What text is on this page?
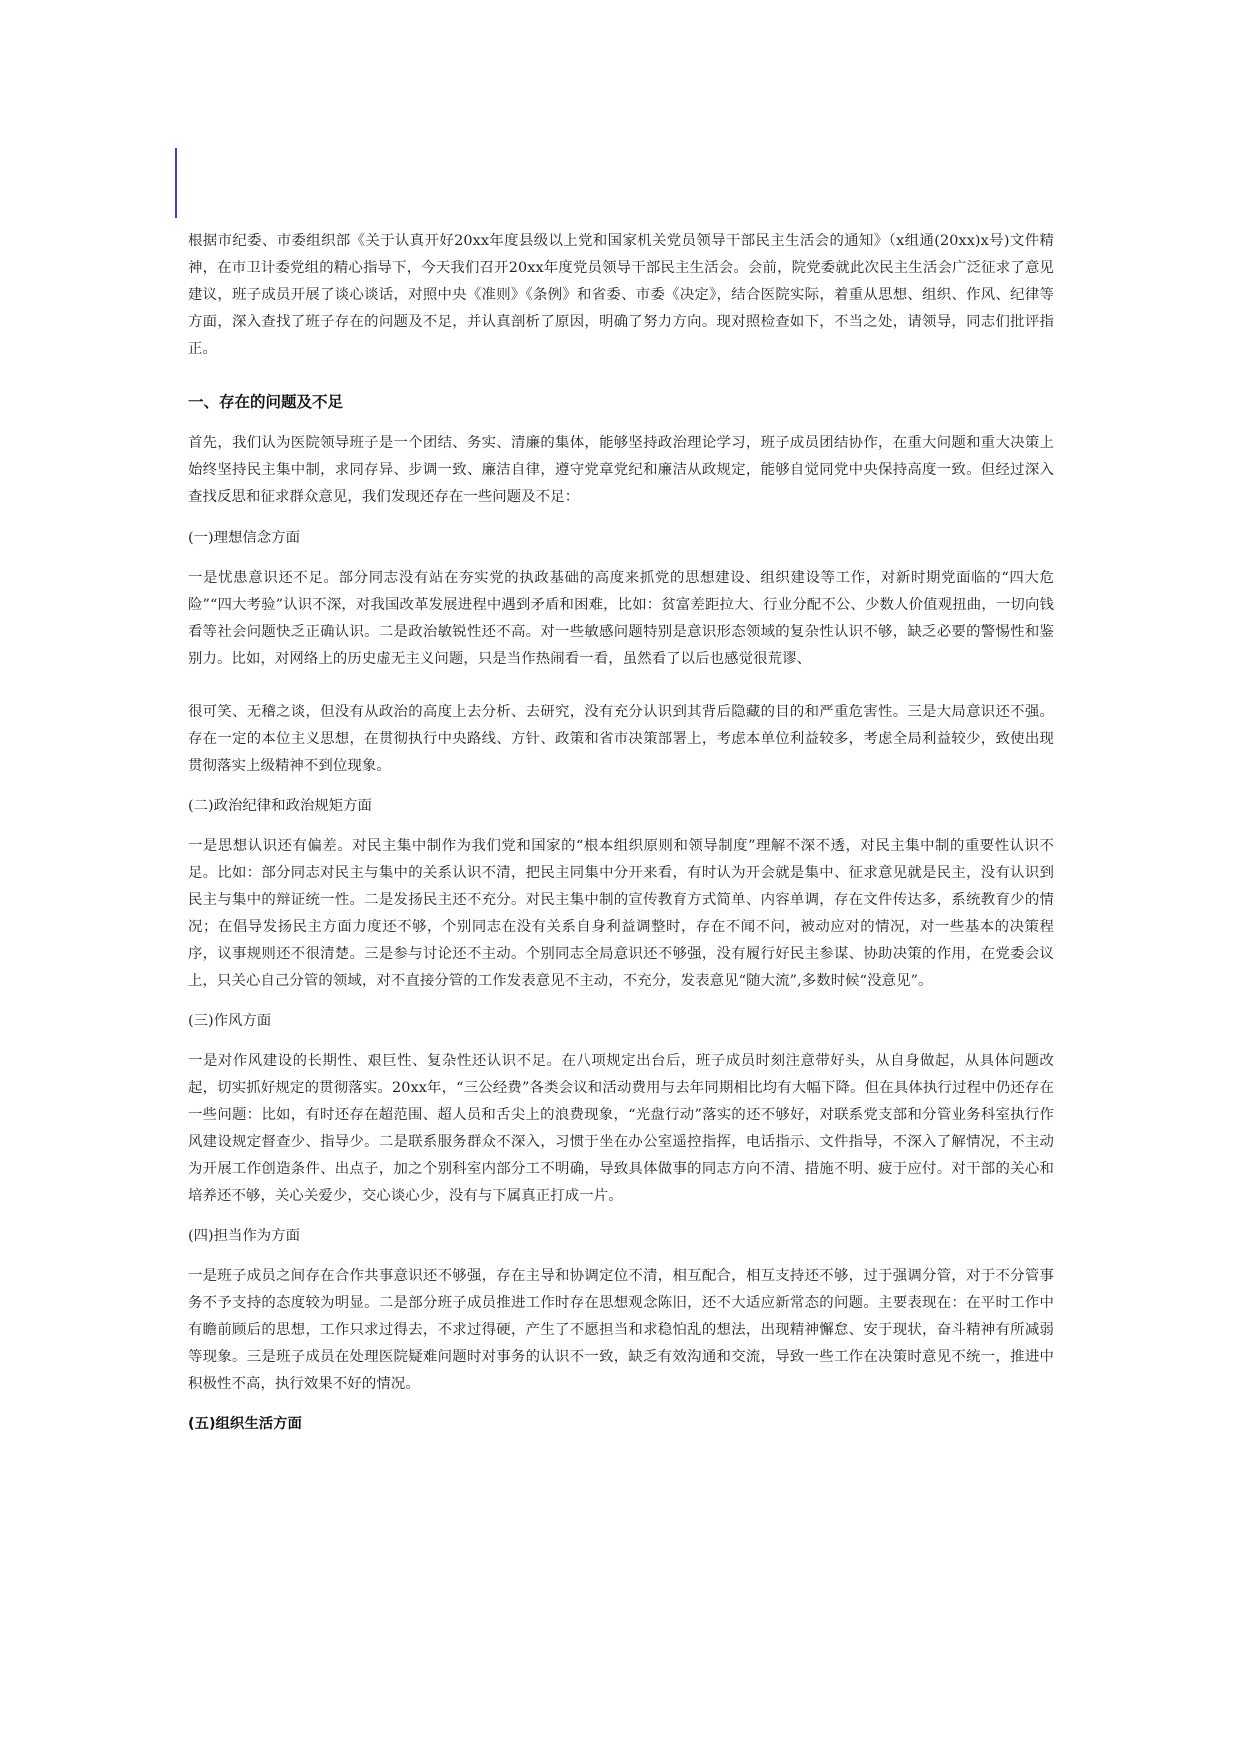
根据市纪委、市委组织部《关于认真开好20xx年度县级以上党和国家机关党员领导干部民主生活会的通知》（x组通(20xx)x号)文件精神，在市卫计委党组的精心指导下，今天我们召开20xx年度党员领导干部民主生活会。会前，院党委就此次民主生活会广泛征求了意见建议，班子成员开展了谈心谈话，对照中央《准则》《条例》和省委、市委《决定》，结合医院实际，着重从思想、组织、作风、纪律等方面，深入查找了班子存在的问题及不足，并认真剖析了原因，明确了努力方向。现对照检查如下，不当之处，请领导，同志们批评指正。

一、存在的问题及不足

首先，我们认为医院领导班子是一个团结、务实、清廉的集体，能够坚持政治理论学习，班子成员团结协作，在重大问题和重大决策上始终坚持民主集中制，求同存异、步调一致、廉洁自律，遵守党章党纪和廉洁从政规定，能够自觉同党中央保持高度一致。但经过深入查找反思和征求群众意见，我们发现还存在一些问题及不足：

(一)理想信念方面

一是忧患意识还不足。部分同志没有站在夯实党的执政基础的高度来抓党的思想建设、组织建设等工作，对新时期党面临的“四大危险”“四大考验”认识不深，对我国改革发展进程中遇到矛盾和困难，比如：贫富差距拉大、行业分配不公、少数人价值观扭曲，一切向钱看等社会问题快乏正确认识。二是政治敏锐性还不高。对一些敏感问题特别是意识形态领域的复杂性认识不够，缺乏必要的警惕性和鉴别力。比如，对网络上的历史虚无主义问题，只是当作热闹看一看，虽然看了以后也感觉很荒谬、

很可笑、无稽之谈，但没有从政治的高度上去分析、去研究，没有充分认识到其背后隐藏的目的和严重危害性。三是大局意识还不强。存在一定的本位主义思想，在贯彻执行中央路线、方针、政策和省市决策部署上，考虑本单位利益较多，考虑全局利益较少，致使出现贯彻落实上级精神不到位现象。

(二)政治纪律和政治规矩方面

一是思想认识还有偏差。对民主集中制作为我们党和国家的“根本组织原则和领导制度”理解不深不透，对民主集中制的重要性认识不足。比如：部分同志对民主与集中的关系认识不清，把民主同集中分开来看，有时认为开会就是集中、征求意见就是民主，没有认识到民主与集中的辩证统一性。二是发扬民主还不充分。对民主集中制的宣传教育方式简单、内容单调，存在文件传达多，系统教育少的情况；在倡导发扬民主方面力度还不够，个别同志在没有关系自身利益调整时，存在不闻不问，被动应对的情况，对一些基本的决策程序，议事规则还不很清楚。三是参与讨论还不主动。个别同志全局意识还不够强，没有履行好民主参谋、协助决策的作用，在党委会议上，只关心自己分管的领域，对不直接分管的工作发表意见不主动，不充分，发表意见“随大流”,多数时候“没意见”。

(三)作风方面

一是对作风建设的长期性、艰巨性、复杂性还认识不足。在八项规定出台后，班子成员时刻注意带好头，从自身做起，从具体问题改起，切实抓好规定的贯彻落实。20xx年，“三公经费”各类会议和活动费用与去年同期相比均有大幅下降。但在具体执行过程中仍还存在一些问题：比如，有时还存在超范围、超人员和舌尖上的浪费现象，“光盘行动”落实的还不够好，对联系党支部和分管业务科室执行作风建设规定督查少、指导少。二是联系服务群众不深入，习惯于坐在办公室遥控指挥，电话指示、文件指导，不深入了解情况，不主动为开展工作创造条件、出点子，加之个别科室内部分工不明确，导致具体做事的同志方向不清、措施不明、疲于应付。对干部的关心和培养还不够，关心关爱少，交心谈心少，没有与下属真正打成一片。

(四)担当作为方面

一是班子成员之间存在合作共事意识还不够强，存在主导和协调定位不清，相互配合，相互支持还不够，过于强调分管，对于不分管事务不予支持的态度较为明显。二是部分班子成员推进工作时存在思想观念陈旧，还不大适应新常态的问题。主要表现在：在平时工作中有瞻前顾后的思想，工作只求过得去，不求过得硬，产生了不愿担当和求稳怕乱的想法，出现精神懈怠、安于现状，奋斗精神有所减弱等现象。三是班子成员在处理医院疑难问题时对事务的认识不一致，缺乏有效沟通和交流，导致一些工作在决策时意见不统一，推进中积极性不高，执行效果不好的情况。

(五)组织生活方面
